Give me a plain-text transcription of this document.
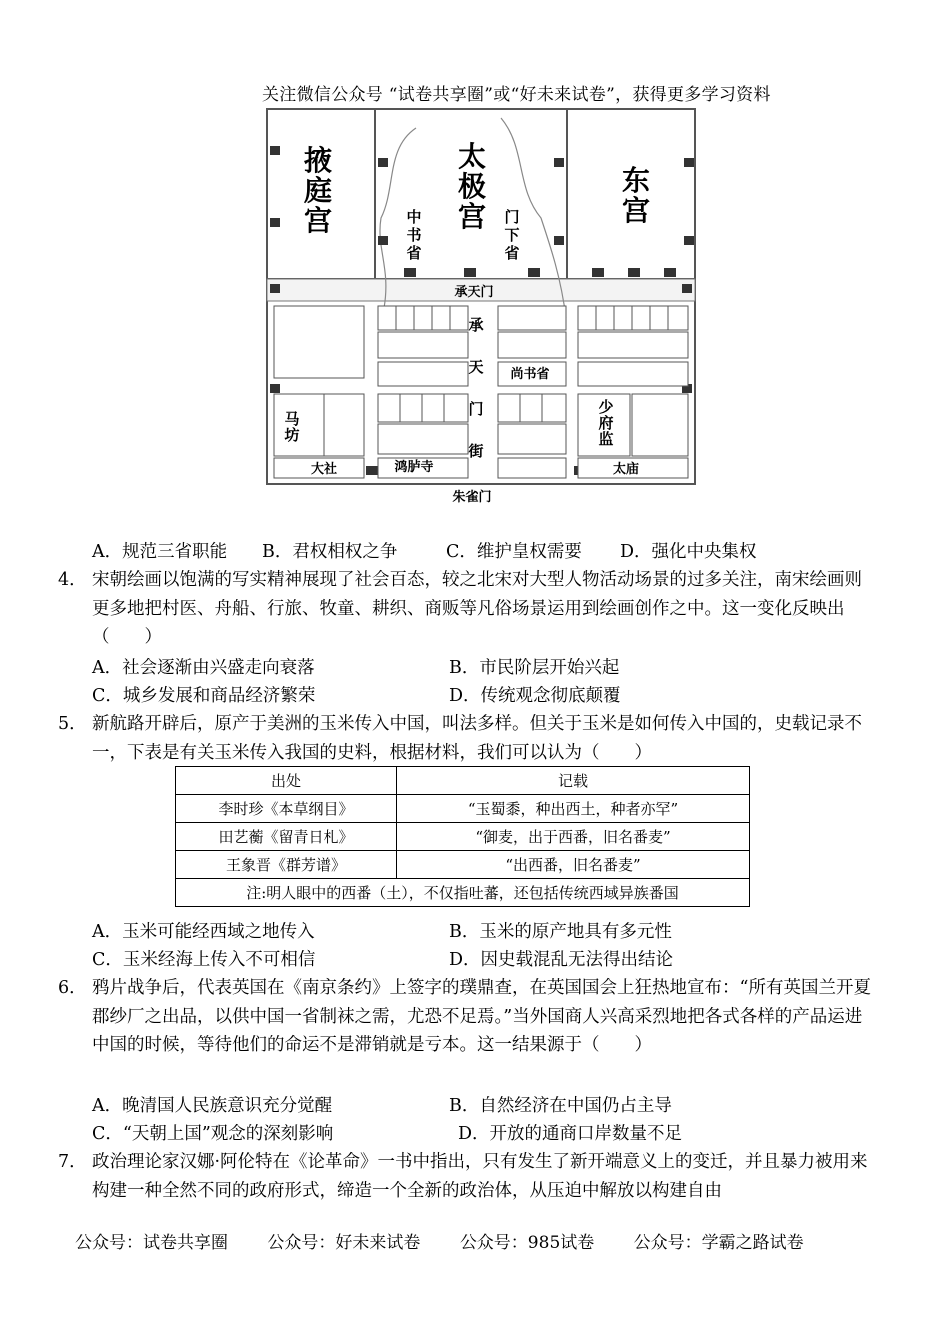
关注微信公众号 “试卷共享圈”或“好未来试卷”，获得更多学习资料
掖庭宫
太极宫
东宫
中书省
门下省
承天门街
马坊
少府监
承天门
尚书省
大社	鸿胪寺	太庙
朱雀门
A．规范三省职能 B．君权相权之争	C．维护皇权需要 D．强化中央集权
4． 宋朝绘画以饱满的写实精神展现了社会百态，较之北宋对大型人物活动场景的过多关注，南宋绘画则更多地把村医、舟船、行旅、牧童、耕织、商贩等凡俗场景运用到绘画创作之中。这一变化反映出（　　）
A．社会逐渐由兴盛走向衰落	B．市民阶层开始兴起
C．城乡发展和商品经济繁荣	D．传统观念彻底颠覆
5． 新航路开辟后，原产于美洲的玉米传入中国，叫法多样。但关于玉米是如何传入中国的，史载记录不一，下表是有关玉米传入我国的史料，根据材料，我们可以认为（　　）
出处	记载
李时珍《本草纲目》	“玉蜀黍，种出西土，种者亦罕”
田艺蘅《留青日札》	“御麦，出于西番，旧名番麦”
王象晋《群芳谱》	“出西番，旧名番麦”
注:明人眼中的西番（土），不仅指吐蕃，还包括传统西域异族番国	
A．玉米可能经西域之地传入	B．玉米的原产地具有多元性
C．玉米经海上传入不可相信	D．因史载混乱无法得出结论
6． 鸦片战争后，代表英国在《南京条约》上签字的璞鼎查，在英国国会上狂热地宣布：“所有英国兰开夏郡纱厂之出品，以供中国一省制袜之需，尤恐不足焉。”当外国商人兴高采烈地把各式各样的产品运进中国的时候，等待他们的命运不是滞销就是亏本。这一结果源于（　　）
A．晚清国人民族意识充分觉醒	B．自然经济在中国仍占主导
C．“天朝上国”观念的深刻影响	D．开放的通商口岸数量不足
7． 政治理论家汉娜·阿伦特在《论革命》一书中指出，只有发生了新开端意义上的变迁，并且暴力被用来构建一种全然不同的政府形式，缔造一个全新的政治体，从压迫中解放以构建自由
公众号：试卷共享圈 公众号：好未来试卷 公众号：985试卷 公众号：学霸之路试卷
